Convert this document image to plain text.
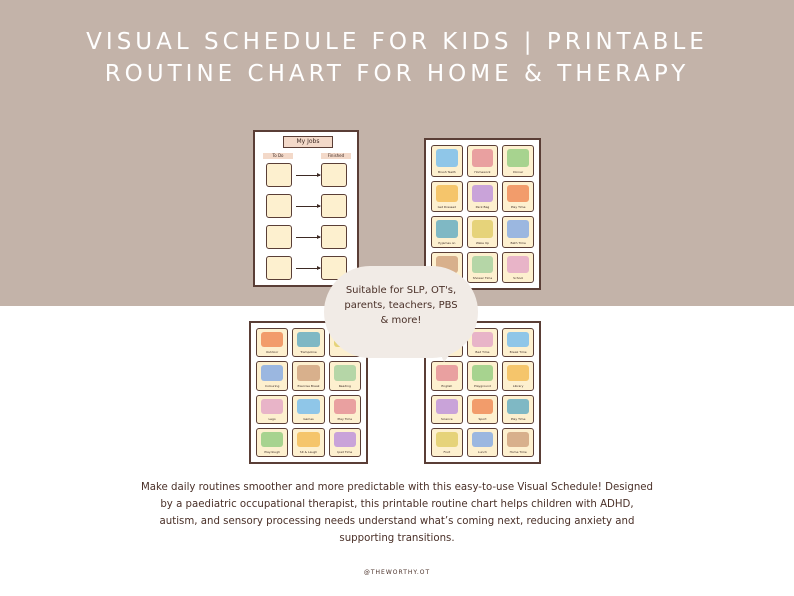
VISUAL SCHEDULE FOR KIDS | PRINTABLE
ROUTINE CHART FOR HOME & THERAPY
My Jobs
To Do	Finished
Brush Teeth	Homework	Dinner
Get Dressed	Pack Bag	Play Time
Pyjamas on	Wake Up	Bath Time
Shower Time	School
Outdoor	Trampoline
Colouring	Exercise Break	Reading
Lego	Games	Play Time
Playdough	Sit & Laugh	Ipad Time
Bed Time	Break Time
English	Playground	Library
Science	Sport	Play Time
Fruit	Lunch	Home Time
Suitable for SLP, OT's,
parents, teachers, PBS
& more!
Make daily routines smoother and more predictable with this easy-to-use Visual Schedule! Designed
by a paediatric occupational therapist, this printable routine chart helps children with ADHD,
autism, and sensory processing needs understand what’s coming next, reducing anxiety and
supporting transitions.
@THEWORTHY.OT
